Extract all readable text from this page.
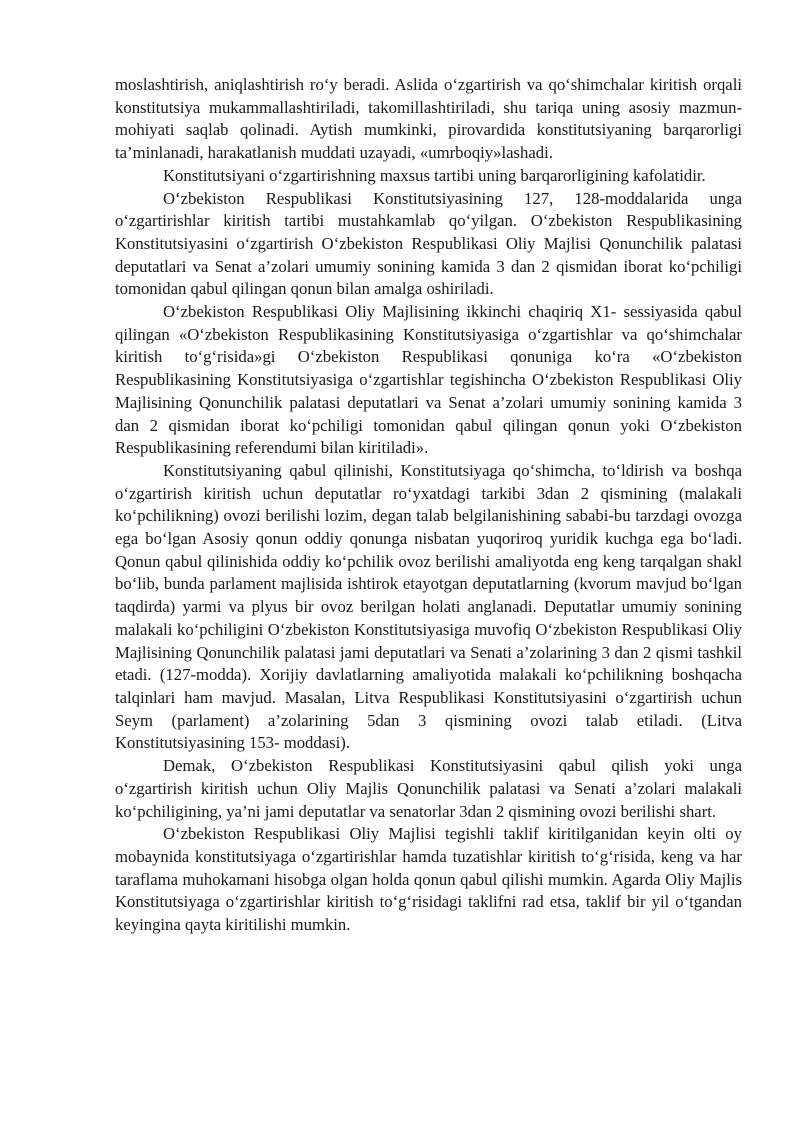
moslashtirish, aniqlashtirish ro‘y beradi. Aslida o‘zgartirish va qo‘shimchalar kiritish orqali konstitutsiya mukammallashtiriladi, takomillashtiriladi, shu tariqa uning asosiy mazmun-mohiyati saqlab qolinadi. Aytish mumkinki, pirovardida konstitutsiyaning barqarorligi ta’minlanadi, harakatlanish muddati uzayadi, «umrboqiy»lashadi.

Konstitutsiyani o‘zgartirishning maxsus tartibi uning barqarorligining kafolatidir.

O‘zbekiston Respublikasi Konstitutsiyasining 127, 128-moddalarida unga o‘zgartirishlar kiritish tartibi mustahkamlab qo‘yilgan. O‘zbekiston Respublikasining Konstitutsiyasini o‘zgartirish O‘zbekiston Respublikasi Oliy Majlisi Qonunchilik palatasi deputatlari va Senat a’zolari umumiy sonining kamida 3 dan 2 qismidan iborat ko‘pchiligi tomonidan qabul qilingan qonun bilan amalga oshiriladi.

O‘zbekiston Respublikasi Oliy Majlisining ikkinchi chaqiriq X1- sessiyasida qabul qilingan «O‘zbekiston Respublikasining Konstitutsiyasiga o‘zgartishlar va qo‘shimchalar kiritish to‘g‘risida»gi O‘zbekiston Respublikasi qonuniga ko‘ra «O‘zbekiston Respublikasining Konstitutsiyasiga o‘zgartishlar tegishincha O‘zbekiston Respublikasi Oliy Majlisining Qonunchilik palatasi deputatlari va Senat a’zolari umumiy sonining kamida 3 dan 2 qismidan iborat ko‘pchiligi tomonidan qabul qilingan qonun yoki O‘zbekiston Respublikasining referendumi bilan kiritiladi».

Konstitutsiyaning qabul qilinishi, Konstitutsiyaga qo‘shimcha, to‘ldirish va boshqa o‘zgartirish kiritish uchun deputatlar ro‘yxatdagi tarkibi 3dan 2 qismining (malakali ko‘pchilikning) ovozi berilishi lozim, degan talab belgilanishining sababi-bu tarzdagi ovozga ega bo‘lgan Asosiy qonun oddiy qonunga nisbatan yuqoriroq yuridik kuchga ega bo‘ladi. Qonun qabul qilinishida oddiy ko‘pchilik ovoz berilishi amaliyotda eng keng tarqalgan shakl bo‘lib, bunda parlament majlisida ishtirok etayotgan deputatlarning (kvorum mavjud bo‘lgan taqdirda) yarmi va plyus bir ovoz berilgan holati anglanadi. Deputatlar umumiy sonining malakali ko‘pchiligini O‘zbekiston Konstitutsiyasiga muvofiq O‘zbekiston Respublikasi Oliy Majlisining Qonunchilik palatasi jami deputatlari va Senati a’zolarining 3 dan 2 qismi tashkil etadi. (127-modda). Xorijiy davlatlarning amaliyotida malakali ko‘pchilikning boshqacha talqinlari ham mavjud. Masalan, Litva Respublikasi Konstitutsiyasini o‘zgartirish uchun Seym (parlament) a’zolarining 5dan 3 qismining ovozi talab etiladi. (Litva Konstitutsiyasining 153- moddasi).

Demak, O‘zbekiston Respublikasi Konstitutsiyasini qabul qilish yoki unga o‘zgartirish kiritish uchun Oliy Majlis Qonunchilik palatasi va Senati a’zolari malakali ko‘pchiligining, ya’ni jami deputatlar va senatorlar 3dan 2 qismining ovozi berilishi shart.

O‘zbekiston Respublikasi Oliy Majlisi tegishli taklif kiritilganidan keyin olti oy mobaynida konstitutsiyaga o‘zgartirishlar hamda tuzatishlar kiritish to‘g‘risida, keng va har taraflama muhokamani hisobga olgan holda qonun qabul qilishi mumkin. Agarda Oliy Majlis Konstitutsiyaga o‘zgartirishlar kiritish to‘g‘risidagi taklifni rad etsa, taklif bir yil o‘tgandan keyingina qayta kiritilishi mumkin.
